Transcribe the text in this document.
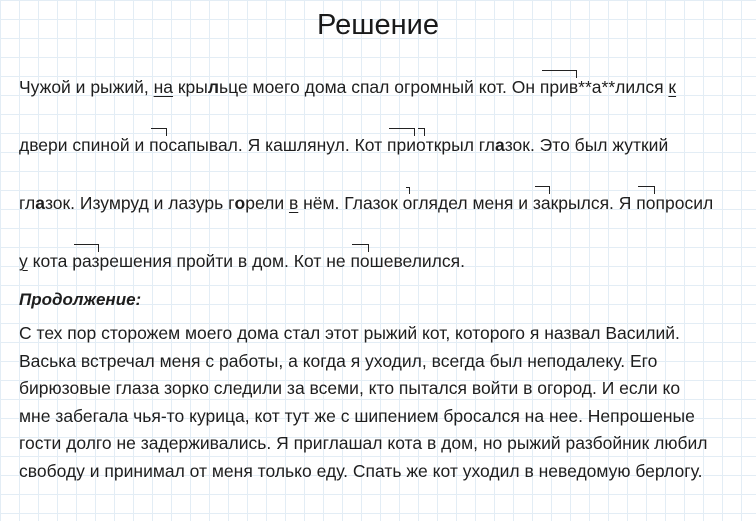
Решение
Чужой и рыжий, на крыльце моего дома спал огромный кот. Он прив**а**лился к
двери спиной и посапывал. Я кашлянул. Кот приоткрыл глазок. Это был жуткий
глазок. Изумруд и лазурь горели в нём. Глазок оглядел меня и закрылся. Я попросил
у кота разрешения пройти в дом. Кот не пошевелился.
Продолжение:
С тех пор сторожем моего дома стал этот рыжий кот, которого я назвал Василий.
Васька встречал меня с работы, а когда я уходил, всегда был неподалеку. Его
бирюзовые глаза зорко следили за всеми, кто пытался войти в огород. И если ко
мне забегала чья-то курица, кот тут же с шипением бросался на нее. Непрошеные
гости долго не задерживались. Я приглашал кота в дом, но рыжий разбойник любил
свободу и принимал от меня только еду. Спать же кот уходил в неведомую берлогу.
